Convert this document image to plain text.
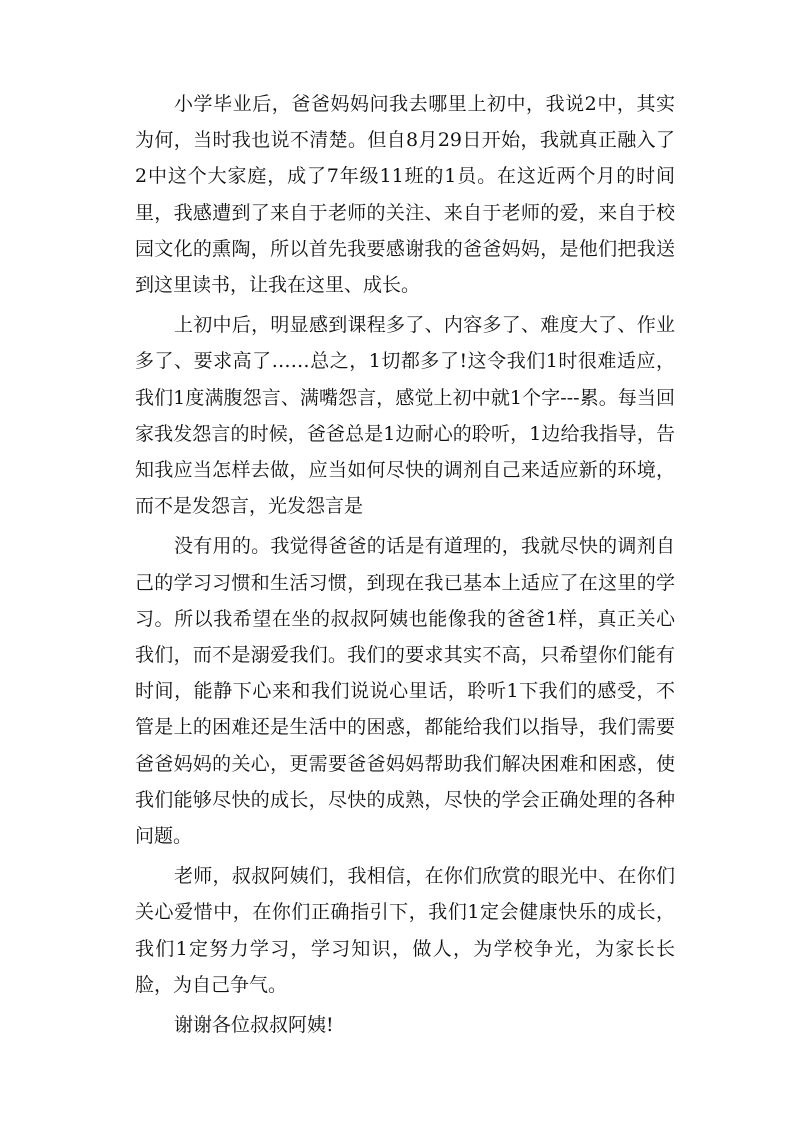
小学毕业后，爸爸妈妈问我去哪里上初中，我说2中，其实为何，当时我也说不清楚。但自8月29日开始，我就真正融入了2中这个大家庭，成了7年级11班的1员。在这近两个月的时间里，我感遭到了来自于老师的关注、来自于老师的爱，来自于校园文化的熏陶，所以首先我要感谢我的爸爸妈妈，是他们把我送到这里读书，让我在这里、成长。

上初中后，明显感到课程多了、内容多了、难度大了、作业多了、要求高了……总之，1切都多了!这令我们1时很难适应，我们1度满腹怨言、满嘴怨言，感觉上初中就1个字---累。每当回家我发怨言的时候，爸爸总是1边耐心的聆听，1边给我指导，告知我应当怎样去做，应当如何尽快的调剂自己来适应新的环境，而不是发怨言，光发怨言是

没有用的。我觉得爸爸的话是有道理的，我就尽快的调剂自己的学习习惯和生活习惯，到现在我已基本上适应了在这里的学习。所以我希望在坐的叔叔阿姨也能像我的爸爸1样，真正关心我们，而不是溺爱我们。我们的要求其实不高，只希望你们能有时间，能静下心来和我们说说心里话，聆听1下我们的感受，不管是上的困难还是生活中的困惑，都能给我们以指导，我们需要爸爸妈妈的关心，更需要爸爸妈妈帮助我们解决困难和困惑，使我们能够尽快的成长，尽快的成熟，尽快的学会正确处理的各种问题。

老师，叔叔阿姨们，我相信，在你们欣赏的眼光中、在你们关心爱惜中，在你们正确指引下，我们1定会健康快乐的成长，我们1定努力学习，学习知识，做人，为学校争光，为家长长脸，为自己争气。

谢谢各位叔叔阿姨!
